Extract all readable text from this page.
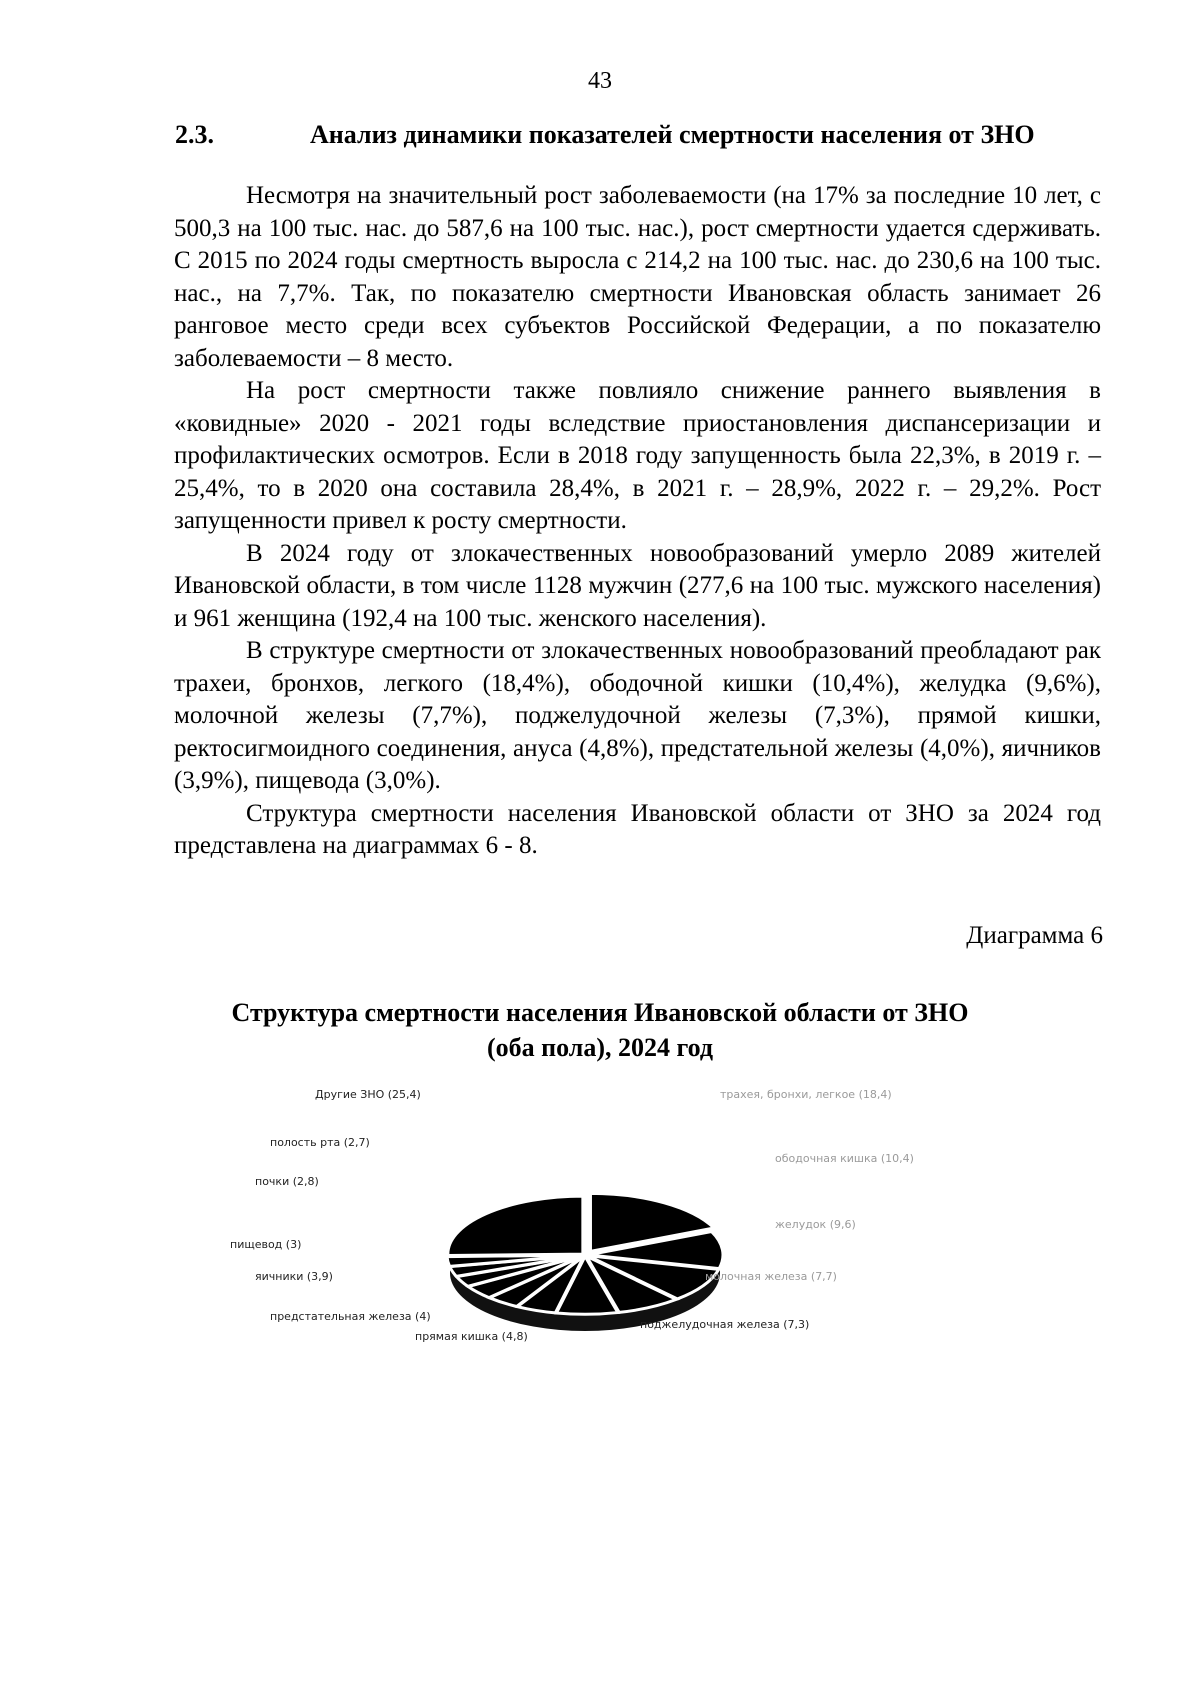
43
2.3.	Анализ динамики показателей смертности населения от ЗНО

Несмотря на значительный рост заболеваемости (на 17% за последние 10 лет, с 500,3 на 100 тыс. нас. до 587,6 на 100 тыс. нас.), рост смертности удается сдерживать. С 2015 по 2024 годы смертность выросла с 214,2 на 100 тыс. нас. до 230,6 на 100 тыс. нас., на 7,7%. Так, по показателю смертности Ивановская область занимает 26 ранговое место среди всех субъектов Российской Федерации, а по показателю заболеваемости – 8 место.

На рост смертности также повлияло снижение раннего выявления в «ковидные» 2020 - 2021 годы вследствие приостановления диспансеризации и профилактических осмотров. Если в 2018 году запущенность была 22,3%, в 2019 г. – 25,4%, то в 2020 она составила 28,4%, в 2021 г. – 28,9%, 2022 г. – 29,2%. Рост запущенности привел к росту смертности.

В 2024 году от злокачественных новообразований умерло 2089 жителей Ивановской области, в том числе 1128 мужчин (277,6 на 100 тыс. мужского населения) и 961 женщина (192,4 на 100 тыс. женского населения).

В структуре смертности от злокачественных новообразований преобладают рак трахеи, бронхов, легкого (18,4%), ободочной кишки (10,4%), желудка (9,6%), молочной железы (7,7%), поджелудочной железы (7,3%), прямой кишки, ректосигмоидного соединения, ануса (4,8%), предстательной железы (4,0%), яичников (3,9%), пищевода (3,0%).

Структура смертности населения Ивановской области от ЗНО за 2024 год представлена на диаграммах 6 - 8.

Диаграмма 6
Структура смертности населения Ивановской области от ЗНО
(оба пола), 2024 год
трахея, бронхи, легкое (18,4)
ободочная кишка (10,4)
желудок (9,6)
молочная железа (7,7)
поджелудочная железа (7,3)
прямая кишка (4,8)
предстательная железа (4)
яичники (3,9)
пищевод (3)
почки (2,8)
полость рта (2,7)
Другие ЗНО (25,4)
